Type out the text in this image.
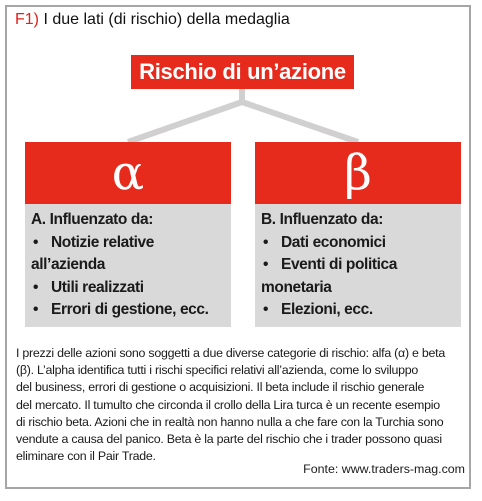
F1) I due lati (di rischio) della medaglia
Rischio di un’azione
α

A. Influenzato da:

• Notizie relative
all’azienda
• Utili realizzati
• Errori di gestione, ecc.
β

B. Influenzato da:

• Dati economici
• Eventi di politica
monetaria
• Elezioni, ecc.
I prezzi delle azioni sono soggetti a due diverse categorie di rischio: alfa (α) e beta
(β). L’alpha identifica tutti i rischi specifici relativi all’azienda, come lo sviluppo
del business, errori di gestione o acquisizioni. Il beta include il rischio generale
del mercato. Il tumulto che circonda il crollo della Lira turca è un recente esempio
di rischio beta. Azioni che in realtà non hanno nulla a che fare con la Turchia sono
vendute a causa del panico. Beta è la parte del rischio che i trader possono quasi
eliminare con il Pair Trade.
Fonte: www.traders-mag.com
